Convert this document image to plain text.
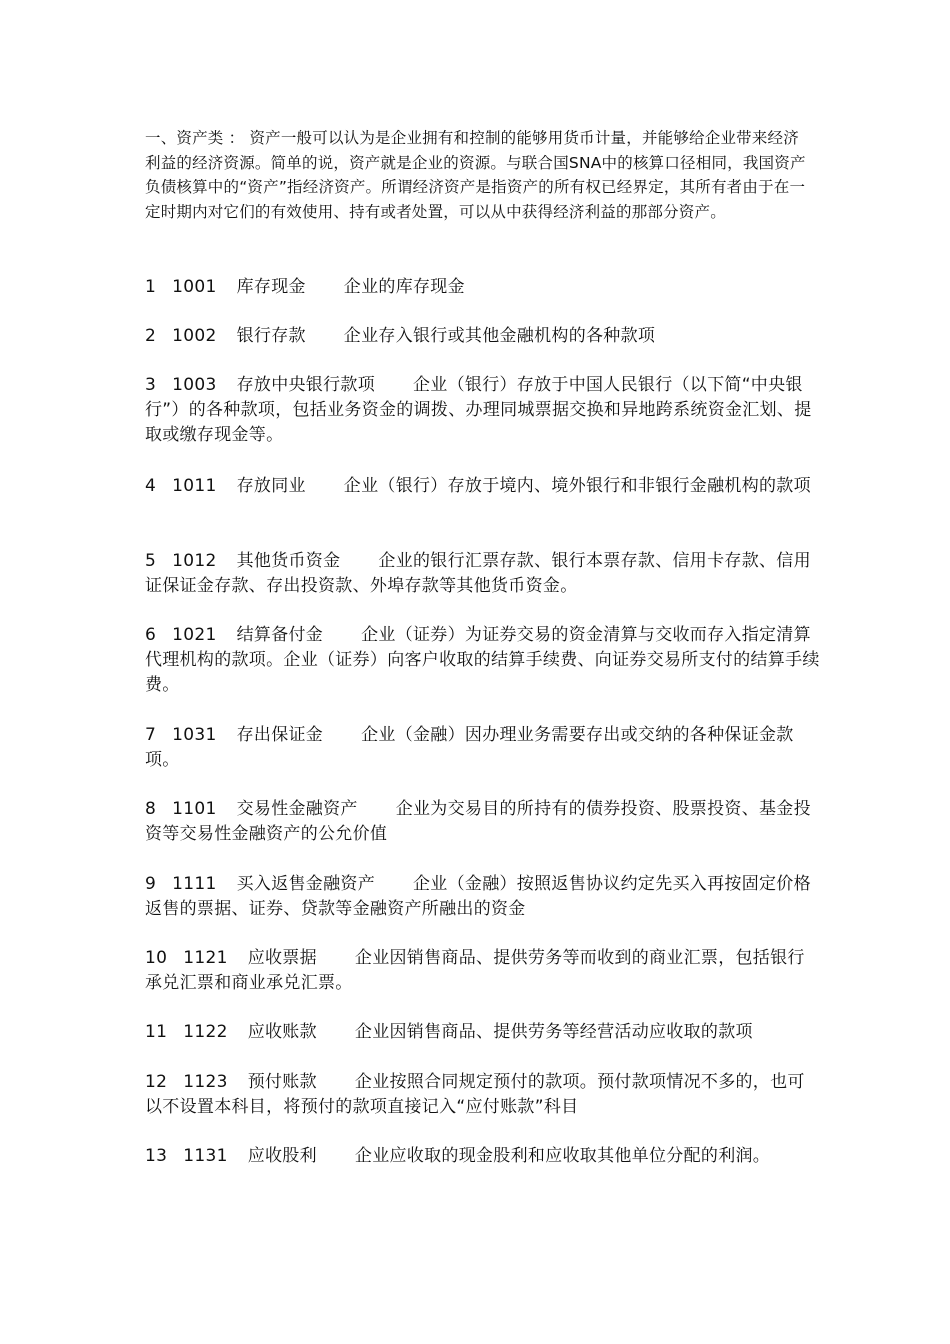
一、资产类 ： 资产一般可以认为是企业拥有和控制的能够用货币计量，并能够给企业带来经济利益的经济资源。简单的说，资产就是企业的资源。与联合国SNA中的核算口径相同，我国资产负债核算中的“资产”指经济资产。所谓经济资产是指资产的所有权已经界定，其所有者由于在一定时期内对它们的有效使用、持有或者处置，可以从中获得经济利益的那部分资产。

1 1001 库存现金 企业的库存现金

2 1002 银行存款 企业存入银行或其他金融机构的各种款项

3 1003 存放中央银行款项 企业（银行）存放于中国人民银行（以下简“中央银行”）的各种款项，包括业务资金的调拨、办理同城票据交换和异地跨系统资金汇划、提取或缴存现金等。

4 1011 存放同业 企业（银行）存放于境内、境外银行和非银行金融机构的款项

5 1012 其他货币资金 企业的银行汇票存款、银行本票存款、信用卡存款、信用证保证金存款、存出投资款、外埠存款等其他货币资金。

6 1021 结算备付金 企业（证券）为证券交易的资金清算与交收而存入指定清算代理机构的款项。企业（证券）向客户收取的结算手续费、向证券交易所支付的结算手续费。

7 1031 存出保证金 企业（金融）因办理业务需要存出或交纳的各种保证金款项。

8 1101 交易性金融资产 企业为交易目的所持有的债券投资、股票投资、基金投资等交易性金融资产的公允价值

9 1111 买入返售金融资产 企业（金融）按照返售协议约定先买入再按固定价格返售的票据、证券、贷款等金融资产所融出的资金

10 1121 应收票据 企业因销售商品、提供劳务等而收到的商业汇票，包括银行承兑汇票和商业承兑汇票。

11 1122 应收账款 企业因销售商品、提供劳务等经营活动应收取的款项

12 1123 预付账款 企业按照合同规定预付的款项。预付款项情况不多的，也可以不设置本科目，将预付的款项直接记入“应付账款”科目

13 1131 应收股利 企业应收取的现金股利和应收取其他单位分配的利润。
